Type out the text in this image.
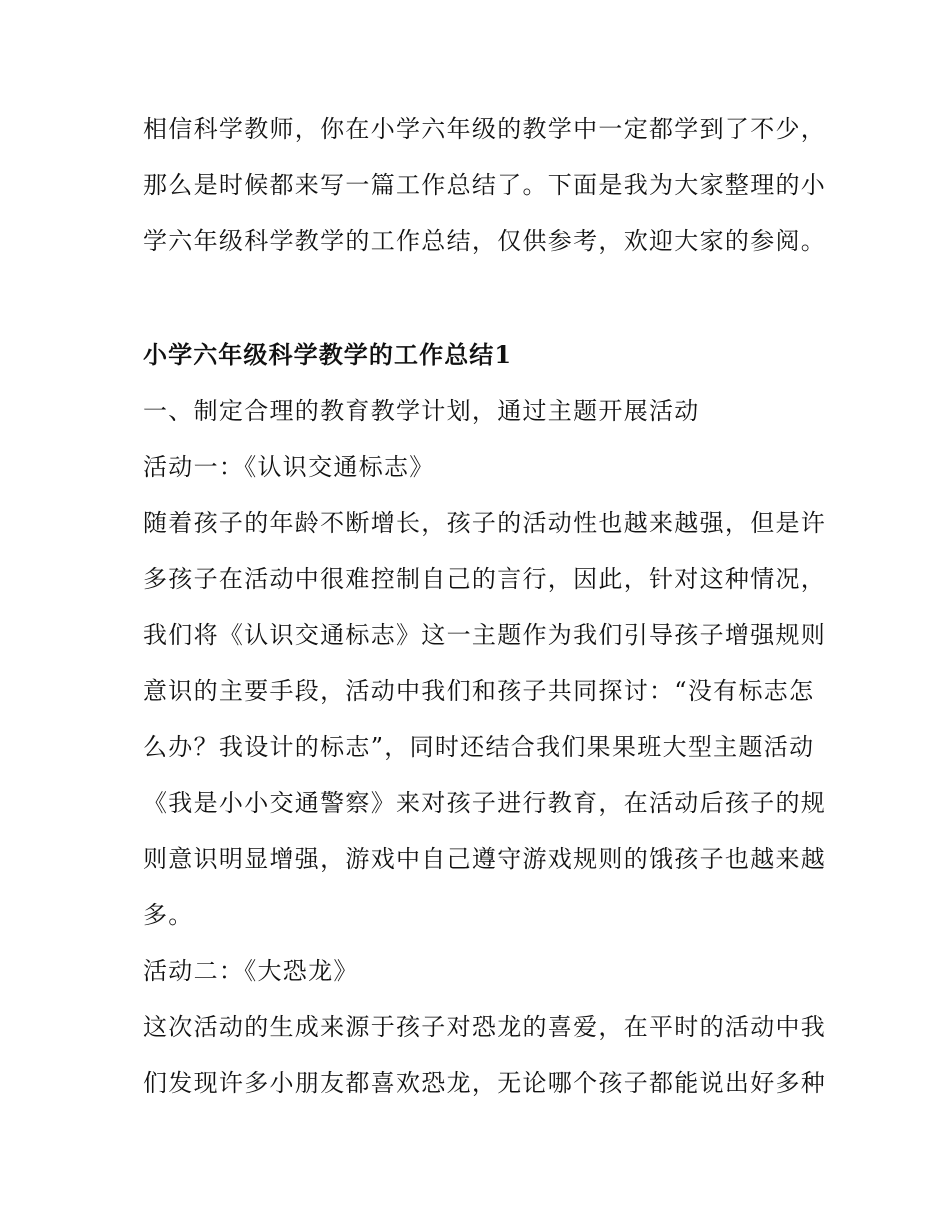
相信科学教师，你在小学六年级的教学中一定都学到了不少，
那么是时候都来写一篇工作总结了。下面是我为大家整理的小
学六年级科学教学的工作总结，仅供参考，欢迎大家的参阅。
小学六年级科学教学的工作总结1
一、制定合理的教育教学计划，通过主题开展活动
活动一：《认识交通标志》
随着孩子的年龄不断增长，孩子的活动性也越来越强，但是许
多孩子在活动中很难控制自己的言行，因此，针对这种情况，
我们将《认识交通标志》这一主题作为我们引导孩子增强规则
意识的主要手段，活动中我们和孩子共同探讨：“没有标志怎
么办？我设计的标志”，同时还结合我们果果班大型主题活动
《我是小小交通警察》来对孩子进行教育，在活动后孩子的规
则意识明显增强，游戏中自己遵守游戏规则的饿孩子也越来越
多。
活动二：《大恐龙》
这次活动的生成来源于孩子对恐龙的喜爱，在平时的活动中我
们发现许多小朋友都喜欢恐龙，无论哪个孩子都能说出好多种
